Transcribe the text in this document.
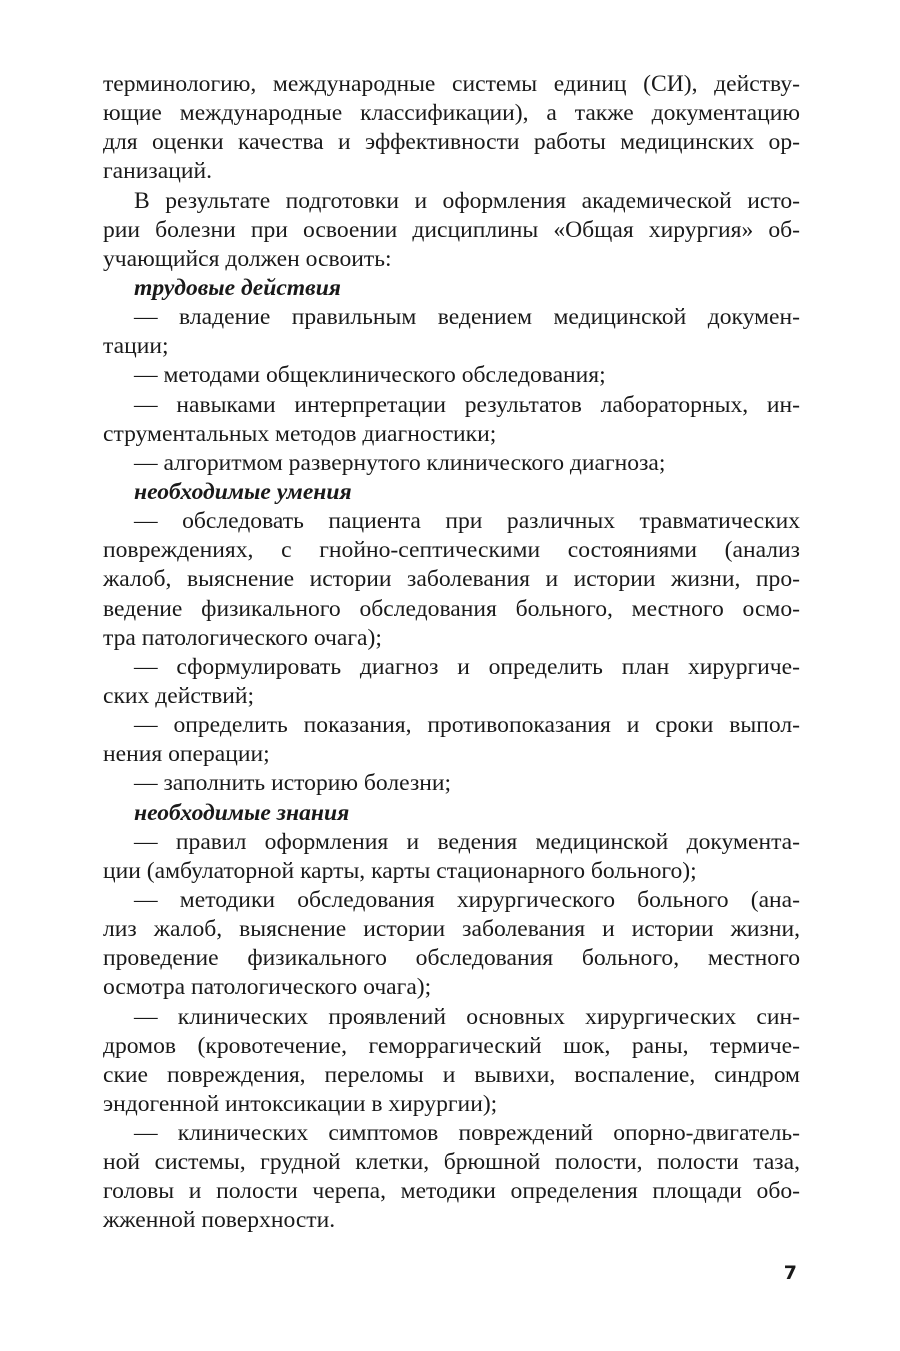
терминологию, международные системы единиц (СИ), действу-
ющие международные классификации), а также документацию
для оценки качества и эффективности работы медицинских ор-
ганизаций.
В результате подготовки и оформления академической исто-
рии болезни при освоении дисциплины «Общая хирургия» об-
учающийся должен освоить:
трудовые действия
— владение правильным ведением медицинской докумен-
тации;
— методами общеклинического обследования;
— навыками интерпретации результатов лабораторных, ин-
струментальных методов диагностики;
— алгоритмом развернутого клинического диагноза;
необходимые умения
— обследовать пациента при различных травматических
повреждениях, с гнойно-септическими состояниями (анализ
жалоб, выяснение истории заболевания и истории жизни, про-
ведение физикального обследования больного, местного осмо-
тра патологического очага);
— сформулировать диагноз и определить план хирургиче-
ских действий;
— определить показания, противопоказания и сроки выпол-
нения операции;
— заполнить историю болезни;
необходимые знания
— правил оформления и ведения медицинской документа-
ции (амбулаторной карты, карты стационарного больного);
— методики обследования хирургического больного (ана-
лиз жалоб, выяснение истории заболевания и истории жизни,
проведение физикального обследования больного, местного
осмотра патологического очага);
— клинических проявлений основных хирургических син-
дромов (кровотечение, геморрагический шок, раны, термиче-
ские повреждения, переломы и вывихи, воспаление, синдром
эндогенной интоксикации в хирургии);
— клинических симптомов повреждений опорно-двигатель-
ной системы, грудной клетки, брюшной полости, полости таза,
головы и полости черепа, методики определения площади обо-
жженной поверхности.
7
